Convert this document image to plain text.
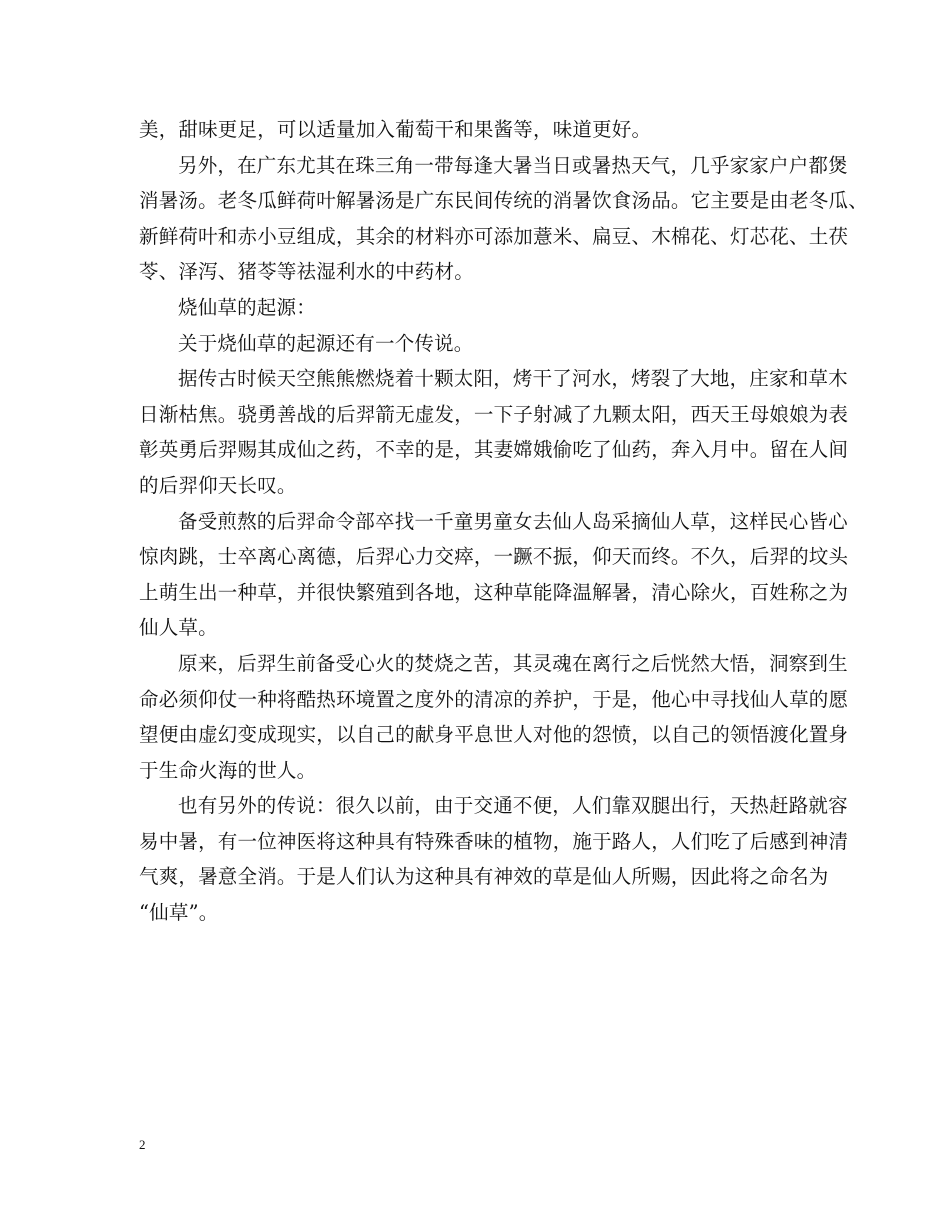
美，甜味更足，可以适量加入葡萄干和果酱等，味道更好。
另外，在广东尤其在珠三角一带每逢大暑当日或暑热天气，几乎家家户户都煲
消暑汤。老冬瓜鲜荷叶解暑汤是广东民间传统的消暑饮食汤品。它主要是由老冬瓜、
新鲜荷叶和赤小豆组成，其余的材料亦可添加薏米、扁豆、木棉花、灯芯花、土茯
苓、泽泻、猪苓等祛湿利水的中药材。
烧仙草的起源：
关于烧仙草的起源还有一个传说。
据传古时候天空熊熊燃烧着十颗太阳，烤干了河水，烤裂了大地，庄家和草木
日渐枯焦。骁勇善战的后羿箭无虚发，一下子射减了九颗太阳，西天王母娘娘为表
彰英勇后羿赐其成仙之药，不幸的是，其妻嫦娥偷吃了仙药，奔入月中。留在人间
的后羿仰天长叹。
备受煎熬的后羿命令部卒找一千童男童女去仙人岛采摘仙人草，这样民心皆心
惊肉跳，士卒离心离德，后羿心力交瘁，一蹶不振，仰天而终。不久，后羿的坟头
上萌生出一种草，并很快繁殖到各地，这种草能降温解暑，清心除火，百姓称之为
仙人草。
原来，后羿生前备受心火的焚烧之苦，其灵魂在离行之后恍然大悟，洞察到生
命必须仰仗一种将酷热环境置之度外的清凉的养护，于是，他心中寻找仙人草的愿
望便由虚幻变成现实，以自己的献身平息世人对他的怨愤，以自己的领悟渡化置身
于生命火海的世人。
也有另外的传说：很久以前，由于交通不便，人们靠双腿出行，天热赶路就容
易中暑，有一位神医将这种具有特殊香味的植物，施于路人，人们吃了后感到神清
气爽，暑意全消。于是人们认为这种具有神效的草是仙人所赐，因此将之命名为
“仙草”。
2
